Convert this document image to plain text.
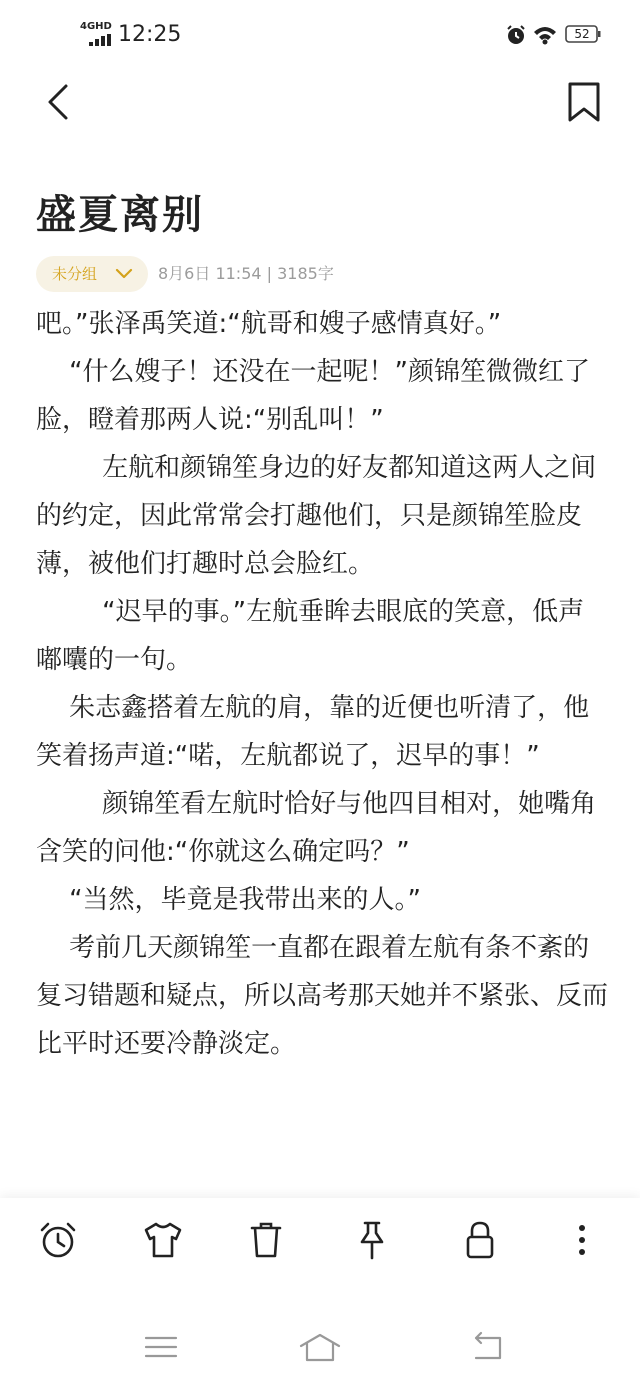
4GHD 12:25	52
盛夏离别
未分组	8月6日 11:54 | 3185字

吧。”张泽禹笑道:“航哥和嫂子感情真好。”

“什么嫂子！还没在一起呢！”颜锦笙微微红了脸，瞪着那两人说:“别乱叫！”

左航和颜锦笙身边的好友都知道这两人之间的约定，因此常常会打趣他们，只是颜锦笙脸皮薄，被他们打趣时总会脸红。

“迟早的事。”左航垂眸去眼底的笑意，低声嘟囔的一句。

朱志鑫搭着左航的肩，靠的近便也听清了，他笑着扬声道:“喏，左航都说了，迟早的事！”

颜锦笙看左航时恰好与他四目相对，她嘴角含笑的问他:“你就这么确定吗？”

“当然，毕竟是我带出来的人。”

考前几天颜锦笙一直都在跟着左航有条不紊的复习错题和疑点，所以高考那天她并不紧张、反而比平时还要冷静淡定。
